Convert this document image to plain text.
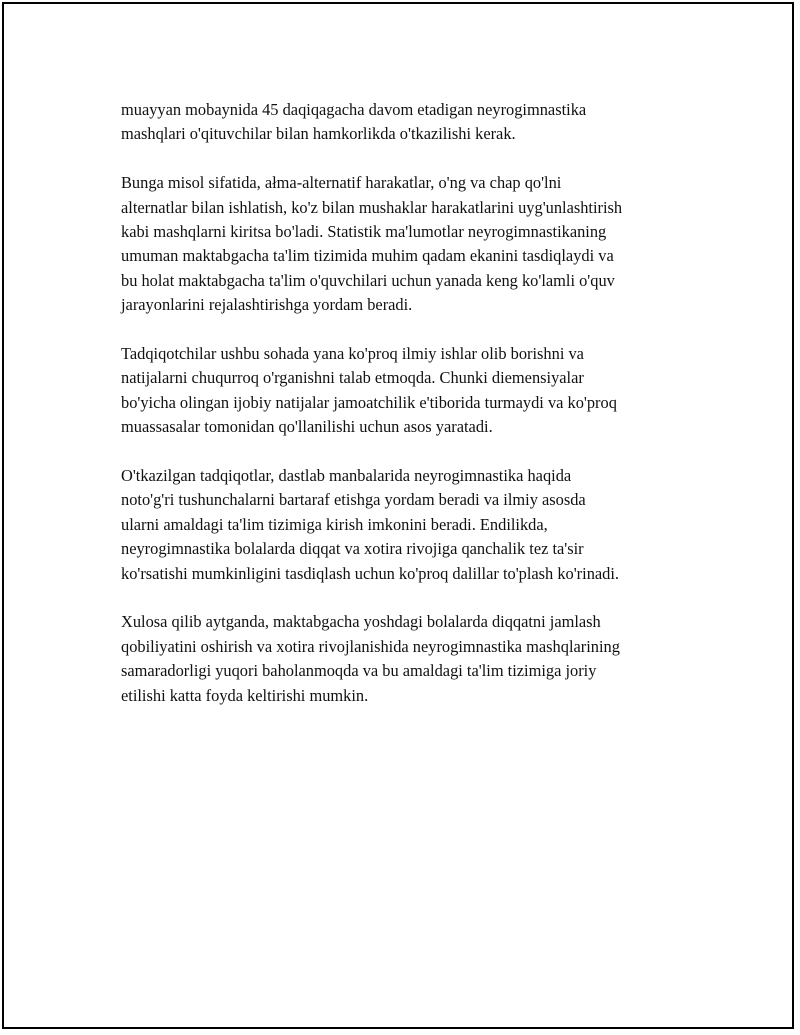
muayyan mobaynida 45 daqiqagacha davom etadigan neyrogimnastika
mashqlari o'qituvchilar bilan hamkorlikda o'tkazilishi kerak.

Bunga misol sifatida, ałma-alternatif harakatlar, o'ng va chap qo'lni
alternatlar bilan ishlatish, ko'z bilan mushaklar harakatlarini uyg'unlashtirish
kabi mashqlarni kiritsa bo'ladi. Statistik ma'lumotlar neyrogimnastikaning
umuman maktabgacha ta'lim tizimida muhim qadam ekanini tasdiqlaydi va
bu holat maktabgacha ta'lim o'quvchilari uchun yanada keng ko'lamli o'quv
jarayonlarini rejalashtirishga yordam beradi.

Tadqiqotchilar ushbu sohada yana ko'proq ilmiy ishlar olib borishni va
natijalarni chuqurroq o'rganishni talab etmoqda. Chunki diemensiyalar
bo'yicha olingan ijobiy natijalar jamoatchilik e'tiborida turmaydi va ko'proq
muassasalar tomonidan qo'llanilishi uchun asos yaratadi.

O'tkazilgan tadqiqotlar, dastlab manbalarida neyrogimnastika haqida
noto'g'ri tushunchalarni bartaraf etishga yordam beradi va ilmiy asosda
ularni amaldagi ta'lim tizimiga kirish imkonini beradi. Endilikda,
neyrogimnastika bolalarda diqqat va xotira rivojiga qanchalik tez ta'sir
ko'rsatishi mumkinligini tasdiqlash uchun ko'proq dalillar to'plash ko'rinadi.

Xulosa qilib aytganda, maktabgacha yoshdagi bolalarda diqqatni jamlash
qobiliyatini oshirish va xotira rivojlanishida neyrogimnastika mashqlarining
samaradorligi yuqori baholanmoqda va bu amaldagi ta'lim tizimiga joriy
etilishi katta foyda keltirishi mumkin.
